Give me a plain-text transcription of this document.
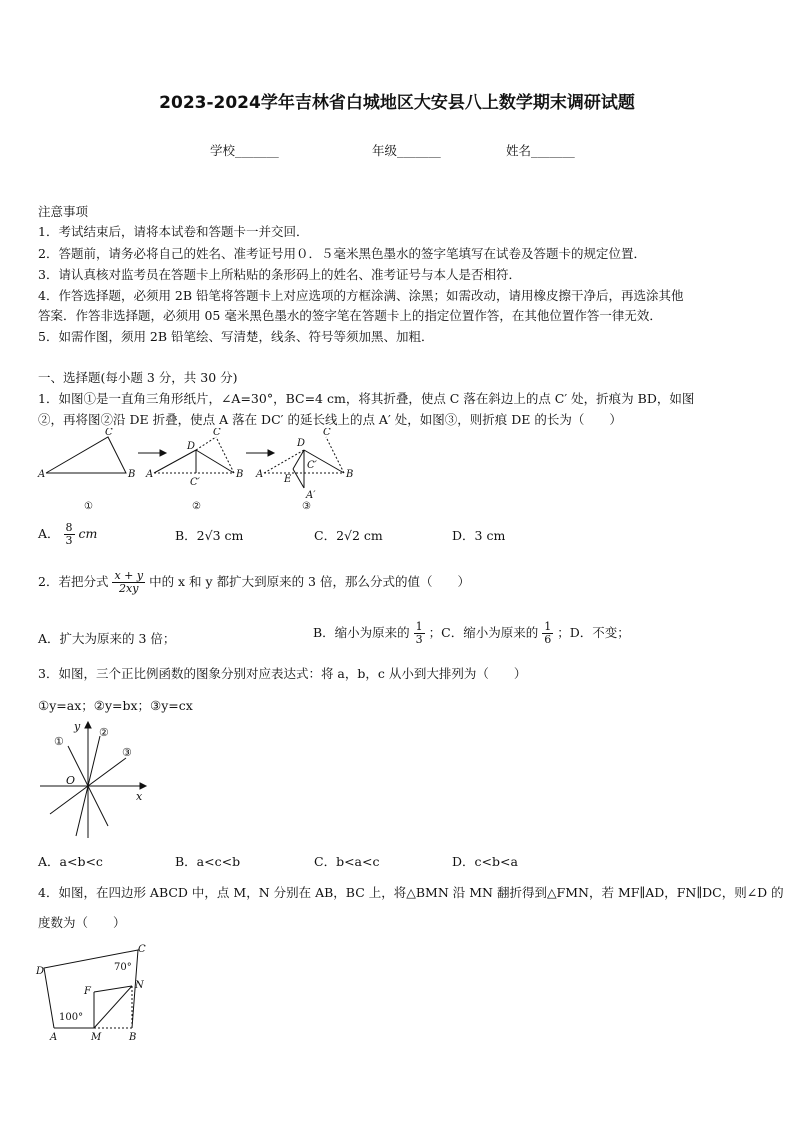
2023-2024学年吉林省白城地区大安县八上数学期末调研试题
学校_______	年级_______	姓名_______
注意事项
1．考试结束后，请将本试卷和答题卡一并交回．
2．答题前，请务必将自己的姓名、准考证号用０．５毫米黑色墨水的签字笔填写在试卷及答题卡的规定位置．
3．请认真核对监考员在答题卡上所粘贴的条形码上的姓名、准考证号与本人是否相符．
4．作答选择题，必须用 2B 铅笔将答题卡上对应选项的方框涂满、涂黑；如需改动，请用橡皮擦干净后，再选涂其他
答案．作答非选择题，必须用 05 毫米黑色墨水的签字笔在答题卡上的指定位置作答，在其他位置作答一律无效．
5．如需作图，须用 2B 铅笔绘、写清楚，线条、符号等须加黑、加粗．
一、选择题(每小题 3 分，共 30 分)
1．如图①是一直角三角形纸片，∠A=30°，BC=4 cm，将其折叠，使点 C 落在斜边上的点 C′ 处，折痕为 BD，如图
②，再将图②沿 DE 折叠，使点 A 落在 DC′ 的延长线上的点 A′ 处，如图③，则折痕 DE 的长为（　　）
A	B
C
A	B
C
D
C′
A	B
C
D
C′
E
A′
①	②	③
A． $\frac{8}{3}$ cm	B．2√3 cm	C．2√2 cm	D．3 cm
2．若把分式 $\frac{x + y}{2xy}$ 中的 x 和 y 都扩大到原来的 3 倍，那么分式的值（　　）
A．扩大为原来的 3 倍；	B．缩小为原来的 $\frac{1}{3}$ ；C．缩小为原来的 $\frac{1}{6}$ ；D．不变；
3．如图，三个正比例函数的图象分别对应表达式：将 a，b，c 从小到大排列为（　　）
①y=ax；②y=bx；③y=cx
①
②
③
y
x
O
A．a<b<c	B．a<c<b	C．b<a<c	D．c<b<a
4．如图，在四边形 ABCD 中，点 M，N 分别在 AB，BC 上，将△BMN 沿 MN 翻折得到△FMN，若 MF∥AD，FN∥DC，则∠D 的
度数为（　　）
D
C
F
N
A	M	B
70°
100°
